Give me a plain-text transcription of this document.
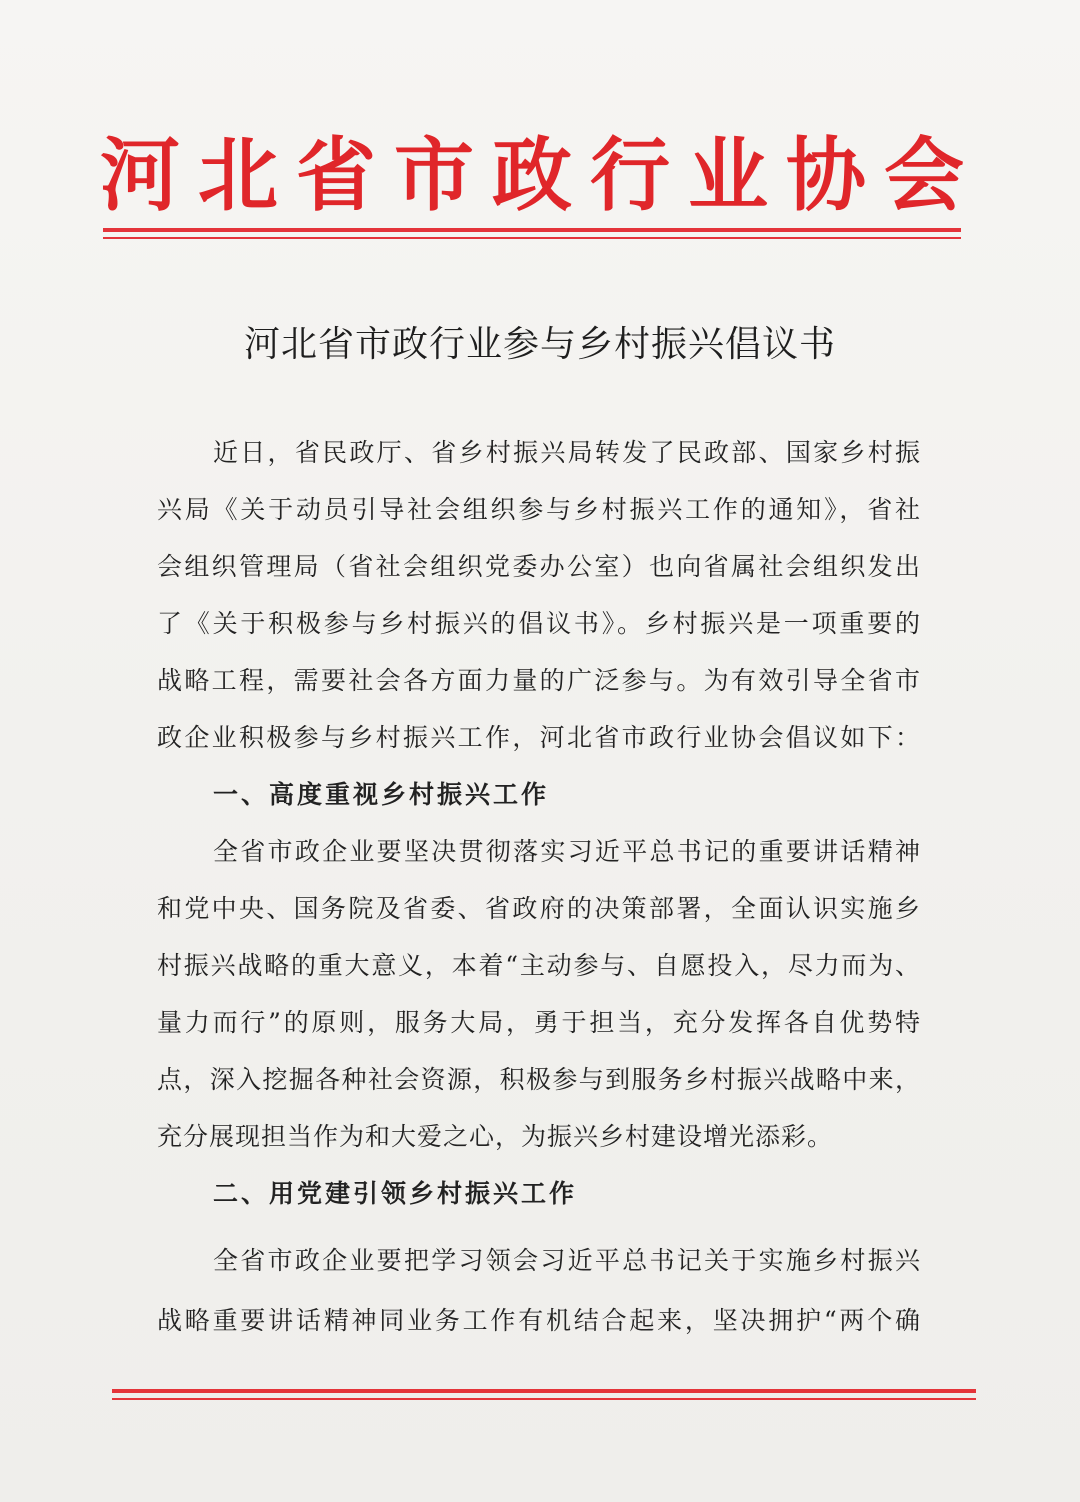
河北省市政行业协会
河北省市政行业参与乡村振兴倡议书
近日，省民政厅、省乡村振兴局转发了民政部、国家乡村振
兴局《关于动员引导社会组织参与乡村振兴工作的通知》，省社
会组织管理局（省社会组织党委办公室）也向省属社会组织发出
了《关于积极参与乡村振兴的倡议书》。乡村振兴是一项重要的
战略工程，需要社会各方面力量的广泛参与。为有效引导全省市
政企业积极参与乡村振兴工作，河北省市政行业协会倡议如下：
一、高度重视乡村振兴工作
全省市政企业要坚决贯彻落实习近平总书记的重要讲话精神
和党中央、国务院及省委、省政府的决策部署，全面认识实施乡
村振兴战略的重大意义，本着“主动参与、自愿投入，尽力而为、
量力而行”的原则，服务大局，勇于担当，充分发挥各自优势特
点，深入挖掘各种社会资源，积极参与到服务乡村振兴战略中来，
充分展现担当作为和大爱之心，为振兴乡村建设增光添彩。
二、用党建引领乡村振兴工作
全省市政企业要把学习领会习近平总书记关于实施乡村振兴
战略重要讲话精神同业务工作有机结合起来，坚决拥护“两个确
